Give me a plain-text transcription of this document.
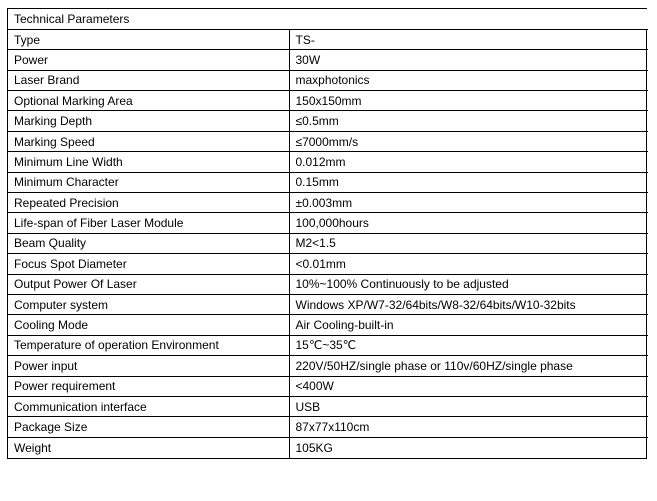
Technical Parameters	
Type	TS-
Power	30W
Laser Brand	maxphotonics
Optional Marking Area	150x150mm
Marking Depth	≤0.5mm
Marking Speed	≤7000mm/s
Minimum Line Width	0.012mm
Minimum Character	0.15mm
Repeated Precision	±0.003mm
Life-span of Fiber Laser Module	100,000hours
Beam Quality	M2<1.5
Focus Spot Diameter	<0.01mm
Output Power Of Laser	10%~100% Continuously to be adjusted
Computer system	Windows XP/W7-32/64bits/W8-32/64bits/W10-32bits
Cooling Mode	Air Cooling-built-in
Temperature of operation Environment	15℃~35℃
Power input	220V/50HZ/single phase or 110v/60HZ/single phase
Power requirement	<400W
Communication interface	USB
Package Size	87x77x110cm
Weight	105KG
